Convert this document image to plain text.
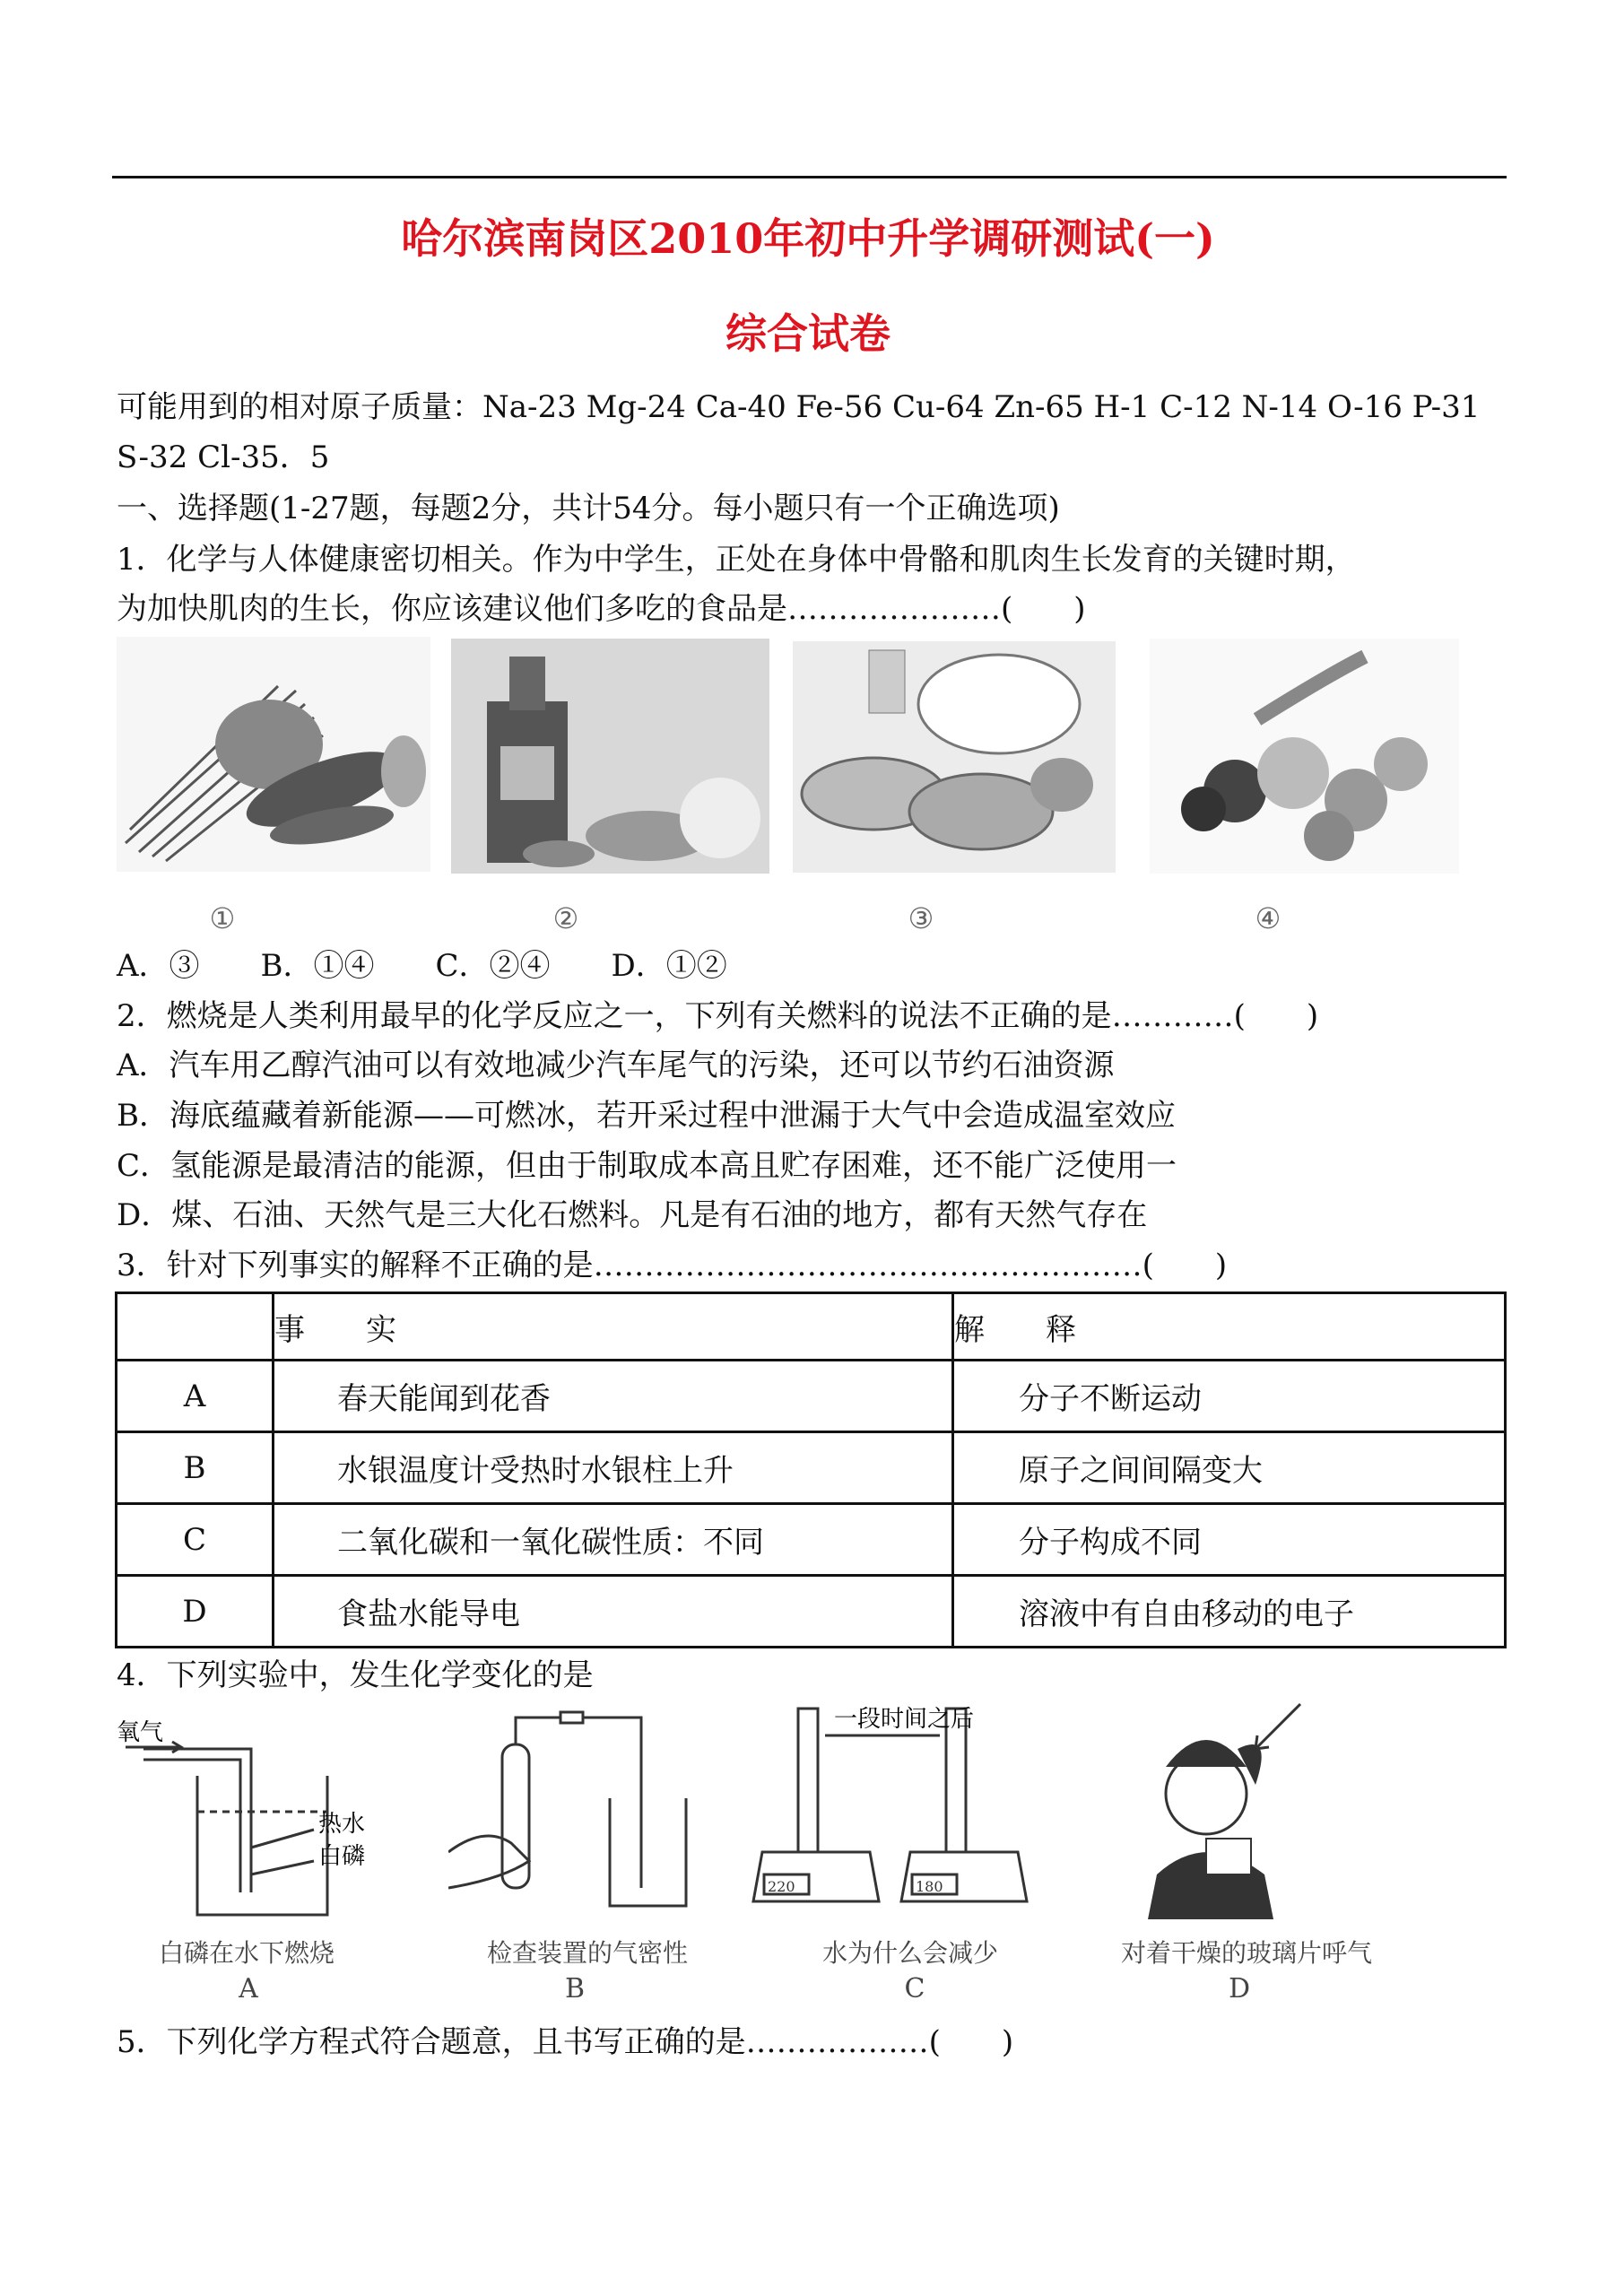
哈尔滨南岗区2010年初中升学调研测试(一)
综合试卷
可能用到的相对原子质量：Na-23 Mg-24 Ca-40 Fe-56 Cu-64 Zn-65 H-1 C-12 N-14 O-16 P-31
S-32 Cl-35．5
一、选择题(1-27题，每题2分，共计54分。每小题只有一个正确选项)
1．化学与人体健康密切相关。作为中学生，正处在身体中骨骼和肌肉生长发育的关键时期，
为加快肌肉的生长，你应该建议他们多吃的食品是…………………(　　)
①	②	③	④
A．③　　B．①④　　C．②④　　D．①②
2．燃烧是人类利用最早的化学反应之一，下列有关燃料的说法不正确的是…………(　　)
A．汽车用乙醇汽油可以有效地减少汽车尾气的污染，还可以节约石油资源
B．海底蕴藏着新能源——可燃冰，若开采过程中泄漏于大气中会造成温室效应
C．氢能源是最清洁的能源，但由于制取成本高且贮存困难，还不能广泛使用一
D．煤、石油、天然气是三大化石燃料。凡是有石油的地方，都有天然气存在
3．针对下列事实的解释不正确的是………………………………………………(　　)
	事　　实	解　　释
A	春天能闻到花香	分子不断运动
B	水银温度计受热时水银柱上升	原子之间间隔变大
C	二氧化碳和一氧化碳性质：不同	分子构成不同
D	食盐水能导电	溶液中有自由移动的电子
4．下列实验中，发生化学变化的是
氧气
热水
白磷
一段时间之后
220	180
白磷在水下燃烧
A
检查装置的气密性
B
水为什么会减少
C
对着干燥的玻璃片呼气
D
5．下列化学方程式符合题意，且书写正确的是………………(　　)
